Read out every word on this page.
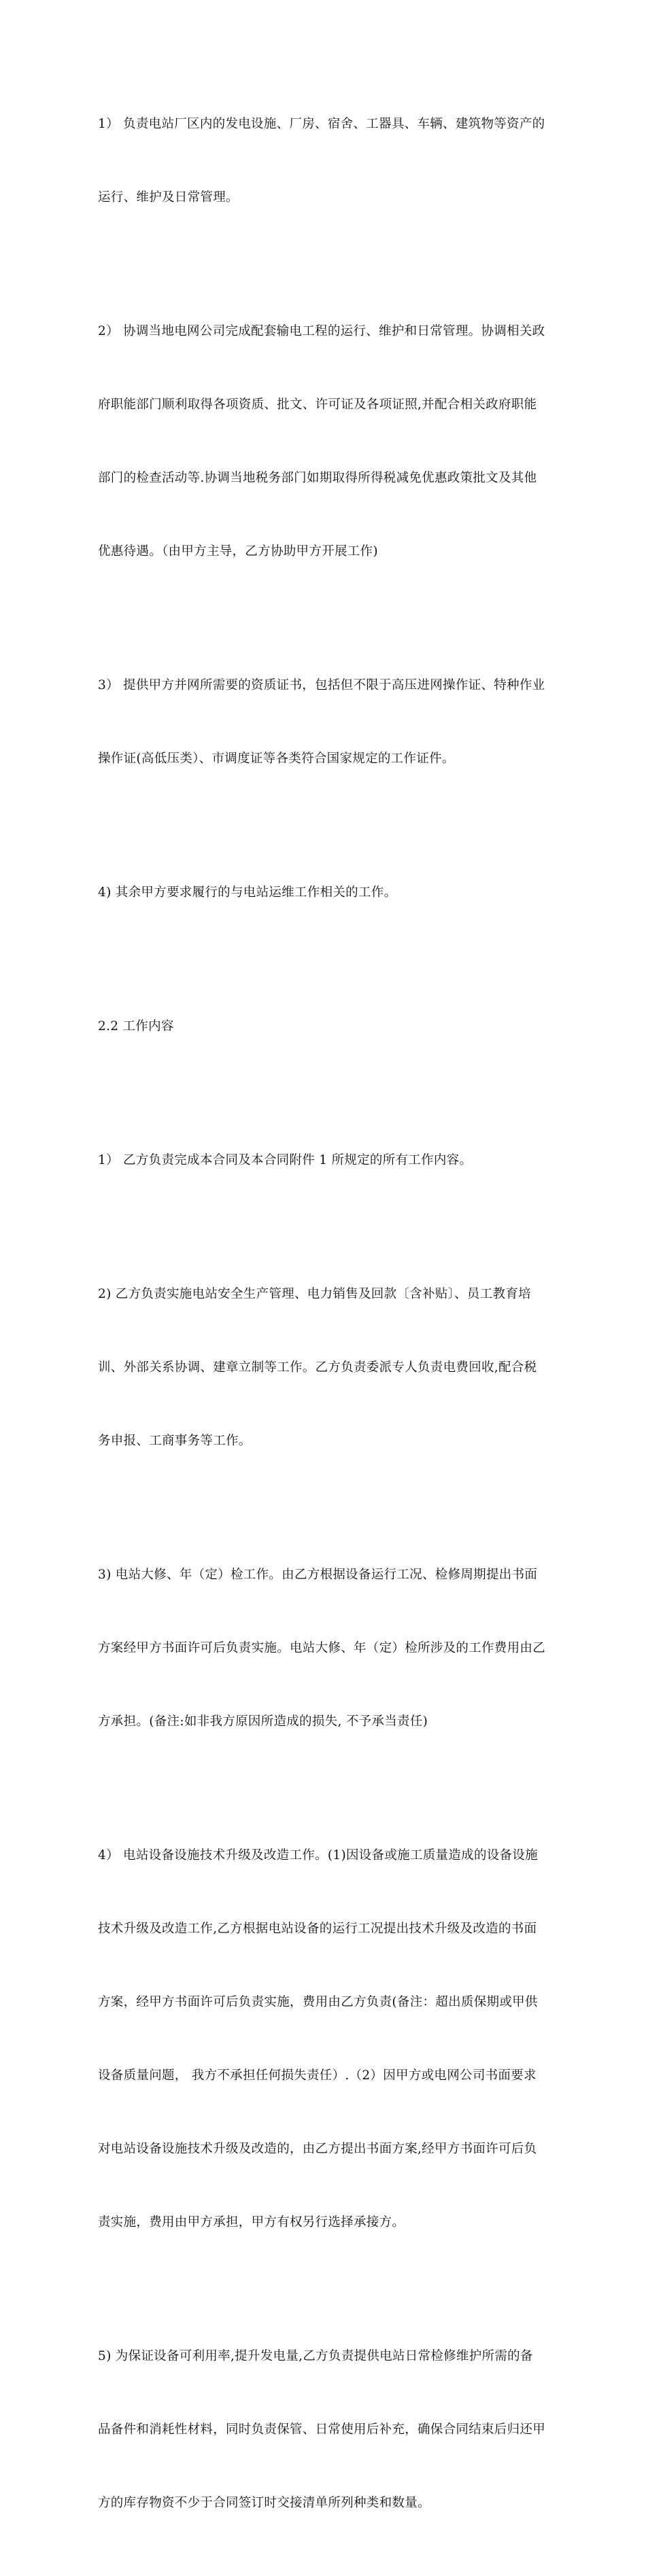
1） 负责电站厂区内的发电设施、厂房、宿舍、工器具、车辆、建筑物等资产的

运行、维护及日常管理。

2） 协调当地电网公司完成配套输电工程的运行、维护和日常管理。协调相关政

府职能部门顺利取得各项资质、批文、许可证及各项证照,并配合相关政府职能

部门的检查活动等.协调当地税务部门如期取得所得税减免优惠政策批文及其他

优惠待遇。（由甲方主导，乙方协助甲方开展工作)

3） 提供甲方并网所需要的资质证书，包括但不限于高压进网操作证、特种作业

操作证(高低压类）、市调度证等各类符合国家规定的工作证件。

4) 其余甲方要求履行的与电站运维工作相关的工作。

2.2 工作内容

1） 乙方负责完成本合同及本合同附件 1 所规定的所有工作内容。

2) 乙方负责实施电站安全生产管理、电力销售及回款〔含补贴〕、员工教育培

训、外部关系协调、建章立制等工作。乙方负责委派专人负责电费回收,配合税

务申报、工商事务等工作。

3) 电站大修、年（定）检工作。由乙方根据设备运行工况、检修周期提出书面

方案经甲方书面许可后负责实施。电站大修、年（定）检所涉及的工作费用由乙

方承担。(备注:如非我方原因所造成的损失, 不予承当责任)

4） 电站设备设施技术升级及改造工作。(1)因设备或施工质量造成的设备设施

技术升级及改造工作,乙方根据电站设备的运行工况提出技术升级及改造的书面

方案，经甲方书面许可后负责实施，费用由乙方负责(备注：超出质保期或甲供

设备质量问题， 我方不承担任何损失责任）.（2）因甲方或电网公司书面要求

对电站设备设施技术升级及改造的，由乙方提出书面方案,经甲方书面许可后负

责实施，费用由甲方承担，甲方有权另行选择承接方。

5) 为保证设备可利用率,提升发电量,乙方负责提供电站日常检修维护所需的备

品备件和消耗性材料，同时负责保管、日常使用后补充，确保合同结束后归还甲

方的库存物资不少于合同签订时交接清单所列种类和数量。
